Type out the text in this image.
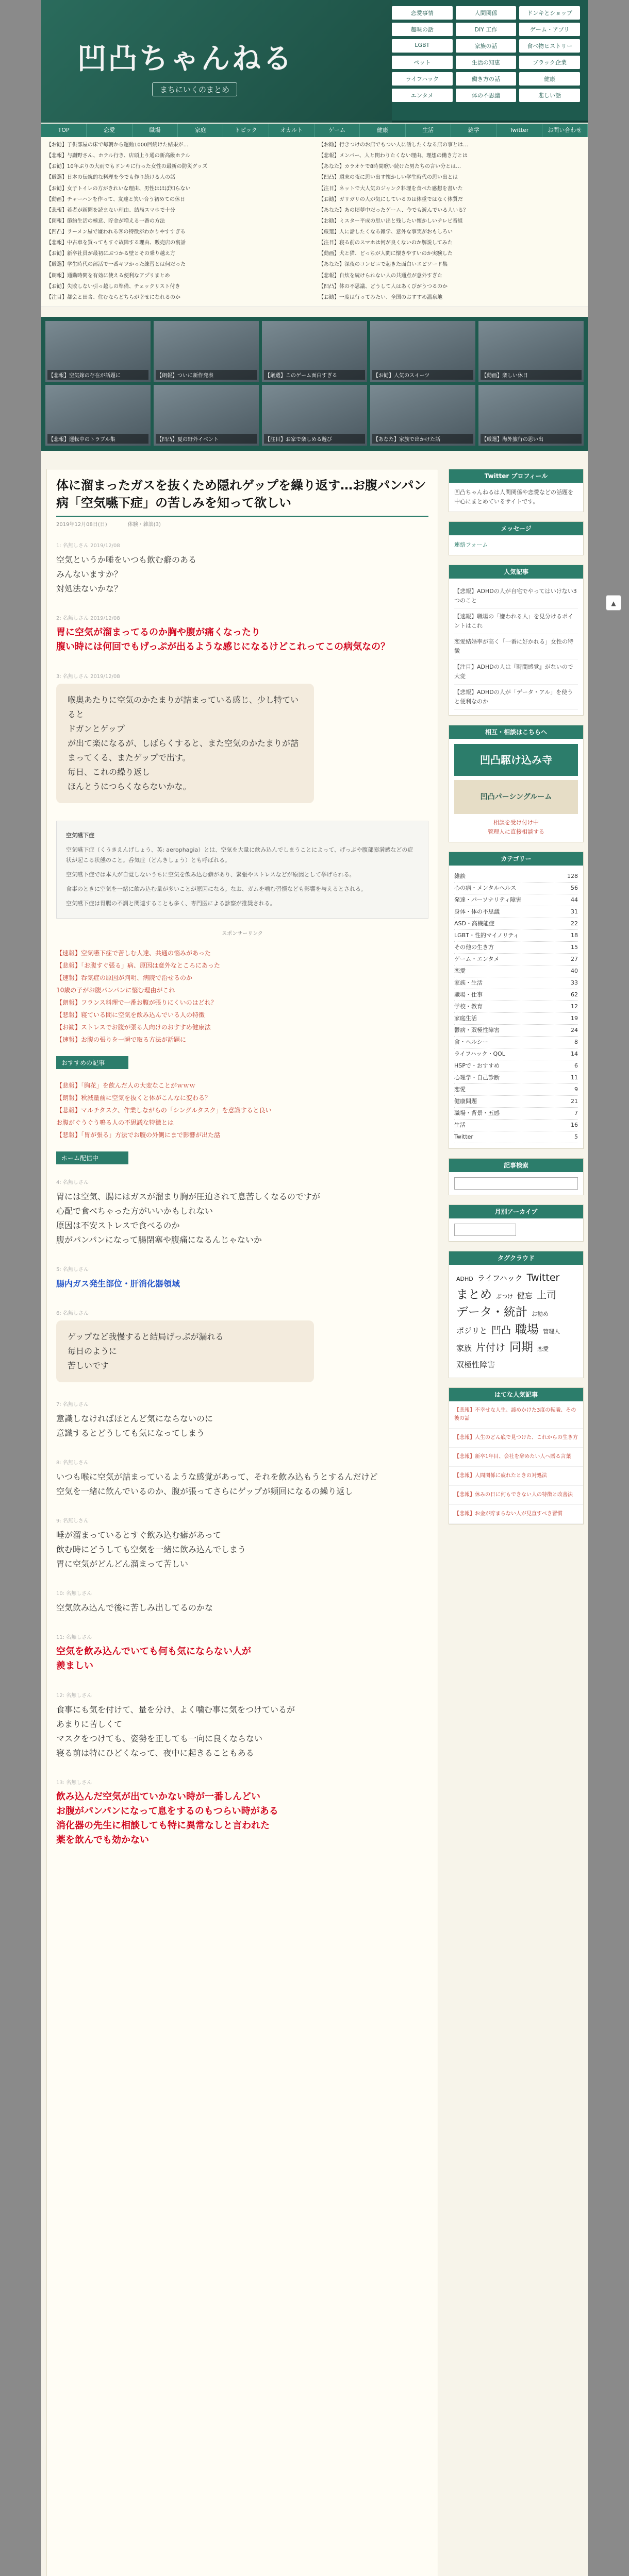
凹凸ちゃんねる
まちにいくのまとめ
恋愛事情	人間関係	ドンキとショップ
趣味の話	DIY 工作	ゲーム・アプリ
LGBT	家族の話	食べ物ヒストリー
ペット	生活の知恵	ブラック企業
ライフハック	働き方の話	健康
エンタメ	体の不思議	悲しい話
TOP	恋愛	職場	家庭	トピック	オカルト	ゲーム	健康	生活	雑学	Twitter	お問い合わせ
【お勧】子供部屋の床で毎朝から運動1000回続けた結果が…	【お勧】行きつけのお店でもつい人に話したくなる店の事とは…
【悲報】与謝野さん、ホテル行き、店頭上り通の新高級ホテル	【悲報】メンバー、人と関わりたくない理由、理想の働き方とは
【お勧】10年ぶりの大雨でもドンキに行った女性の最新の防災グッズ	【あなた】カラオケで8時間歌い続けた男たちの言い分とは…
【厳選】日本の伝統的な料理を今でも作り続ける人の話	【凹凸】週末の夜に思い出す懐かしい学生時代の思い出とは
【お勧】女子トイレの方がきれいな理由、男性はほぼ知らない	【注目】ネットで大人気のジャンク料理を食べた感想を書いた
【動画】チャーハンを作って、友達と笑い合う初めての休日	【お勧】ガリガリの人が気にしているのは体重ではなく体質だ
【悲報】若者が新聞を読まない理由、結局スマホで十分	【あなた】あの頃夢中だったゲーム、今でも遊んでいる人いる？
【朗報】節約生活の極意、貯金が増える一番の方法	【お勧】ミスター平成の思い出と残したい懐かしいテレビ番組
【凹凸】ラーメン屋で嫌われる客の特徴がわかりやすすぎる	【厳選】人に話したくなる雑学、意外な事実がおもしろい
【悲報】中古車を買ってもすぐ故障する理由、販売店の裏話	【注目】寝る前のスマホは何が良くないのか解説してみた
【お勧】新卒社員が最初にぶつかる壁とその乗り越え方	【動画】犬と猫、どっちが人間に懐きやすいのか実験した
【厳選】学生時代の部活で一番キツかった練習とは何だった	【あなた】深夜のコンビニで起きた面白いエピソード集
【朗報】通勤時間を有効に使える便利なアプリまとめ	【悲報】自炊を続けられない人の共通点が意外すぎた
【お勧】失敗しない引っ越しの準備、チェックリスト付き	【凹凸】体の不思議、どうして人はあくびがうつるのか
【注目】都会と田舎、住むならどちらが幸せになれるのか	【お勧】一度は行ってみたい、全国のおすすめ温泉地
【悲報】空気嫁の存在が話題に	【朗報】ついに新作発表	【厳選】このゲーム面白すぎる	【お勧】人気のスイーツ	【動画】楽しい休日
【悲報】運転中のトラブル集	【凹凸】夏の野外イベント	【注目】お家で楽しめる遊び	【あなた】家族で出かけた話	【厳選】海外旅行の思い出
体に溜まったガスを抜くため隠れゲップを繰り返す…お腹パンパン病「空気嚥下症」の苦しみを知って欲しい
2019年12月08日(日)　　　　体験・雑談(3)
1: 名無しさん 2019/12/08
空気というか唾をいつも飲む癖のある
みんないますか？
対処法ないかな？
2: 名無しさん 2019/12/08
胃に空気が溜まってるのか胸や腹が痛くなったり
腹い時には何回でもげっぷが出るような感じになるけどこれってこの病気なの？
3: 名無しさん 2019/12/08
喉奥あたりに空気のかたまりが詰まっている感じ、少し特ていると
ドガンとゲップ
が出て楽になるが、しばらくすると、また空気のかたまりが詰まってくる、またゲップで出す。
毎日、これの繰り返し
ほんとうにつらくならないかな。
空気嚥下症

空気嚥下症（くうきえんげしょう、英: aerophagia）とは、空気を大量に飲み込んでしまうことによって、げっぷや腹部膨満感などの症状が起こる状態のこと。呑気症（どんきしょう）とも呼ばれる。

空気嚥下症では本人が自覚しないうちに空気を飲み込む癖があり、緊張やストレスなどが原因として挙げられる。

食事のときに空気を一緒に飲み込む量が多いことが原因になる。なお、ガムを噛む習慣なども影響を与えるとされる。

空気嚥下症は胃腸の不調と関連することも多く、専門医による診察が推奨される。

スポンサーリンク
【速報】空気嚥下症で苦しむ人達、共通の悩みがあった
【悲報】「お腹すぐ張る」病、原因は意外なところにあった
【速報】呑気症の原因が判明、病院で治せるのか
10歳の子がお腹パンパンに悩む理由がこれ
【朗報】フランス料理で一番お腹が張りにくいのはどれ？
【悲報】寝ている間に空気を飲み込んでいる人の特徴
【お勧】ストレスでお腹が張る人向けのおすすめ健康法
【速報】お腹の張りを一瞬で取る方法が話題に
おすすめの記事
【悲報】「胸花」を飲んだ人の大変なことがｗｗｗ
【朗報】秋減量前に空気を抜くと体がこんなに変わる？
【悲報】マルチタスク、作業しながらの「シングルタスク」を意識すると良い
お腹がぐうぐう鳴る人の不思議な特徴とは
【悲報】「胃が張る」方法でお腹の外側にまで影響が出た話
ホーム配信中
4: 名無しさん
胃には空気、腸にはガスが溜まり胸が圧迫されて息苦しくなるのですが
心配で食べちゃった方がいいかもしれない
原因は不安ストレスで食べるのか
腹がパンパンになって腸閉塞や腹痛になるんじゃないか
5: 名無しさん
腸内ガス発生部位・肝消化器領域
6: 名無しさん
ゲップなど我慢すると結局げっぷが漏れる
毎日のように
苦しいです
7: 名無しさん
意識しなければほとんど気にならないのに
意識するとどうしても気になってしまう
8: 名無しさん
いつも喉に空気が詰まっているような感覚があって、それを飲み込もうとするんだけど
空気を一緒に飲んでいるのか、腹が張ってさらにゲップが頻回になるの繰り返し
9: 名無しさん
唾が溜まっているとすぐ飲み込む癖があって
飲む時にどうしても空気を一緒に飲み込んでしまう
胃に空気がどんどん溜まって苦しい
10: 名無しさん
空気飲み込んで後に苦しみ出してるのかな
11: 名無しさん
空気を飲み込んでいても何も気にならない人が
羨ましい
12: 名無しさん
食事にも気を付けて、量を分け、よく噛む事に気をつけているが
あまりに苦しくて
マスクをつけても、姿勢を正しても一向に良くならない
寝る前は特にひどくなって、夜中に起きることもある
13: 名無しさん
飲み込んだ空気が出ていかない時が一番しんどい
お腹がパンパンになって息をするのもつらい時がある
消化器の先生に相談しても特に異常なしと言われた
薬を飲んでも効かない
Twitter プロフィール
凹凸ちゃんねるは人間関係や恋愛などの話題を中心にまとめているサイトです。
メッセージ
連絡フォーム
人気記事
【悲報】ADHDの人が自宅でやってはいけない3つのこと
【速報】職場の「嫌われる人」を見分けるポイントはこれ
恋愛結婚率が高く「一番に好かれる」女性の特徴
【注目】ADHDの人は『時間感覚』がないので大変
【悲報】ADHDの人が「データ・アル」を使うと便利なのか
相互・相談はこちらへ
凹凸駆け込み寺
凹凸パーシングルーム
相談を受け付け中
管理人に直接相談する
カテゴリー
雑談	128
心の病・メンタルヘルス	56
発達・パーソナリティ障害	44
身体・体の不思議	31
ASD・高機能症	22
LGBT・性的マイノリティ	18
その他の生き方	15
ゲーム・エンタメ	27
恋愛	40
家族・生活	33
職場・仕事	62
学校・教育	12
家庭生活	19
鬱病・双極性障害	24
食・ヘルシー	8
ライフハック・QOL	14
HSPで・おすすめ	6
心理学・自己診断	11
恋愛	9
健康問題	21
職場・背景・五感	7
生活	16
Twitter	5
記事検索
月別アーカイブ
タグクラウド
ADHD ライフハック Twitterまとめ ぶつけ 健忘 上司データ・統計 お勧めポジリと 凹凸 職場 管理人家族 片付け 同期 恋愛双極性障害
はてな人気記事
【悲報】不幸せな人生、諦めかけた3度の転職、その後の話
【悲報】人生のどん底で見つけた、これからの生き方
【悲報】新卒1年目、会社を辞めたい人へ贈る言葉
【悲報】人間関係に疲れたときの対処法
【悲報】休みの日に何もできない人の特徴と改善法
【悲報】お金が貯まらない人が見直すべき習慣
▲
